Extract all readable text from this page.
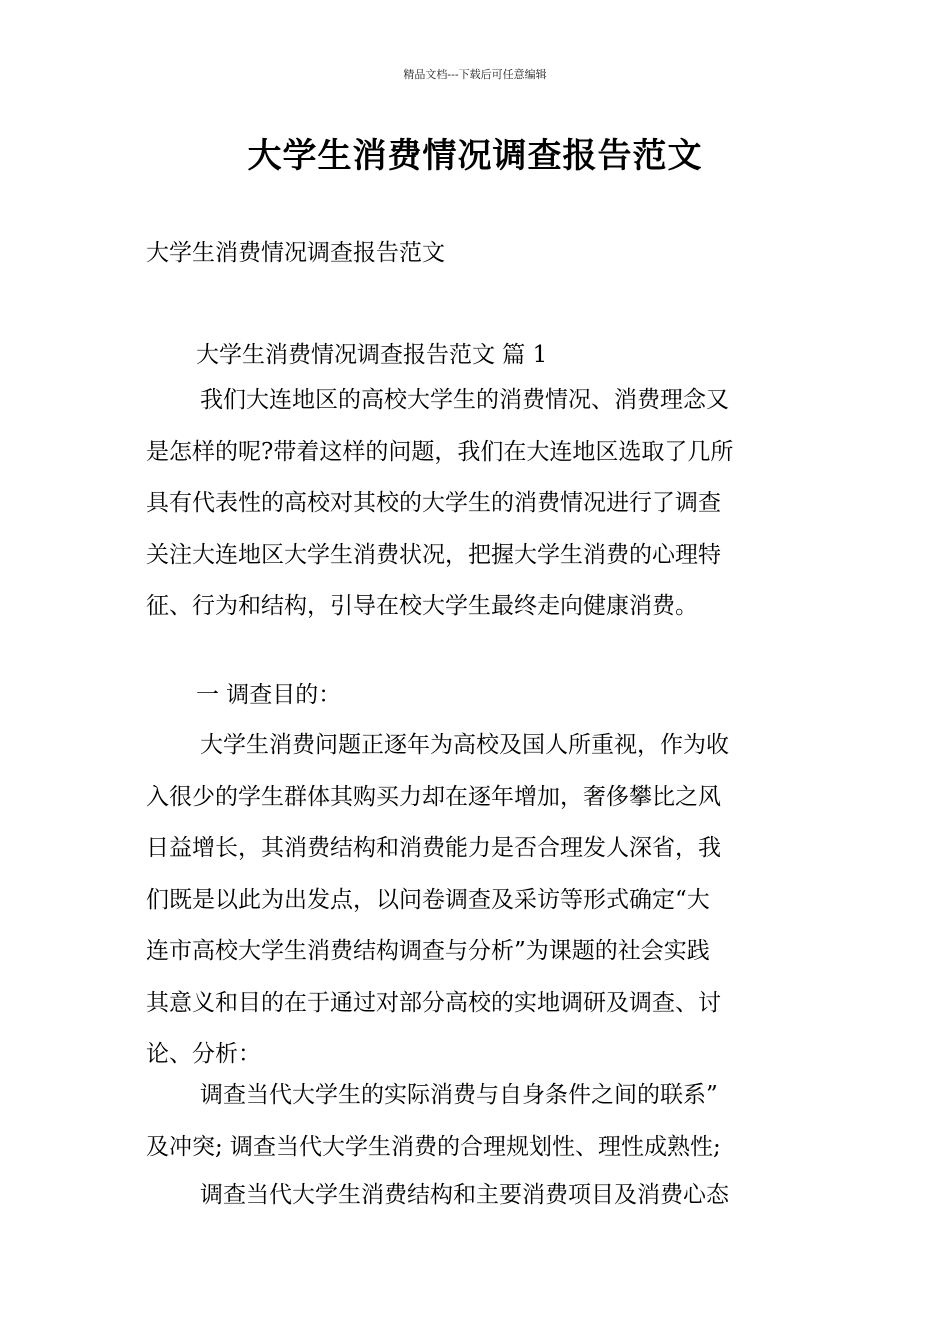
精品文档---下载后可任意编辑
大学生消费情况调查报告范文
大学生消费情况调查报告范文
大学生消费情况调查报告范文 篇 1
我们大连地区的高校大学生的消费情况、消费理念又
是怎样的呢?带着这样的问题，我们在大连地区选取了几所
具有代表性的高校对其校的大学生的消费情况进行了调查
关注大连地区大学生消费状况，把握大学生消费的心理特
征、行为和结构，引导在校大学生最终走向健康消费。
一 调查目的：
大学生消费问题正逐年为高校及国人所重视，作为收
入很少的学生群体其购买力却在逐年增加，奢侈攀比之风
日益增长，其消费结构和消费能力是否合理发人深省，我
们既是以此为出发点，以问卷调查及采访等形式确定“大
连市高校大学生消费结构调查与分析”为课题的社会实践
其意义和目的在于通过对部分高校的实地调研及调查、讨
论、分析：
调查当代大学生的实际消费与自身条件之间的联系”
及冲突; 调查当代大学生消费的合理规划性、理性成熟性;
调查当代大学生消费结构和主要消费项目及消费心态
